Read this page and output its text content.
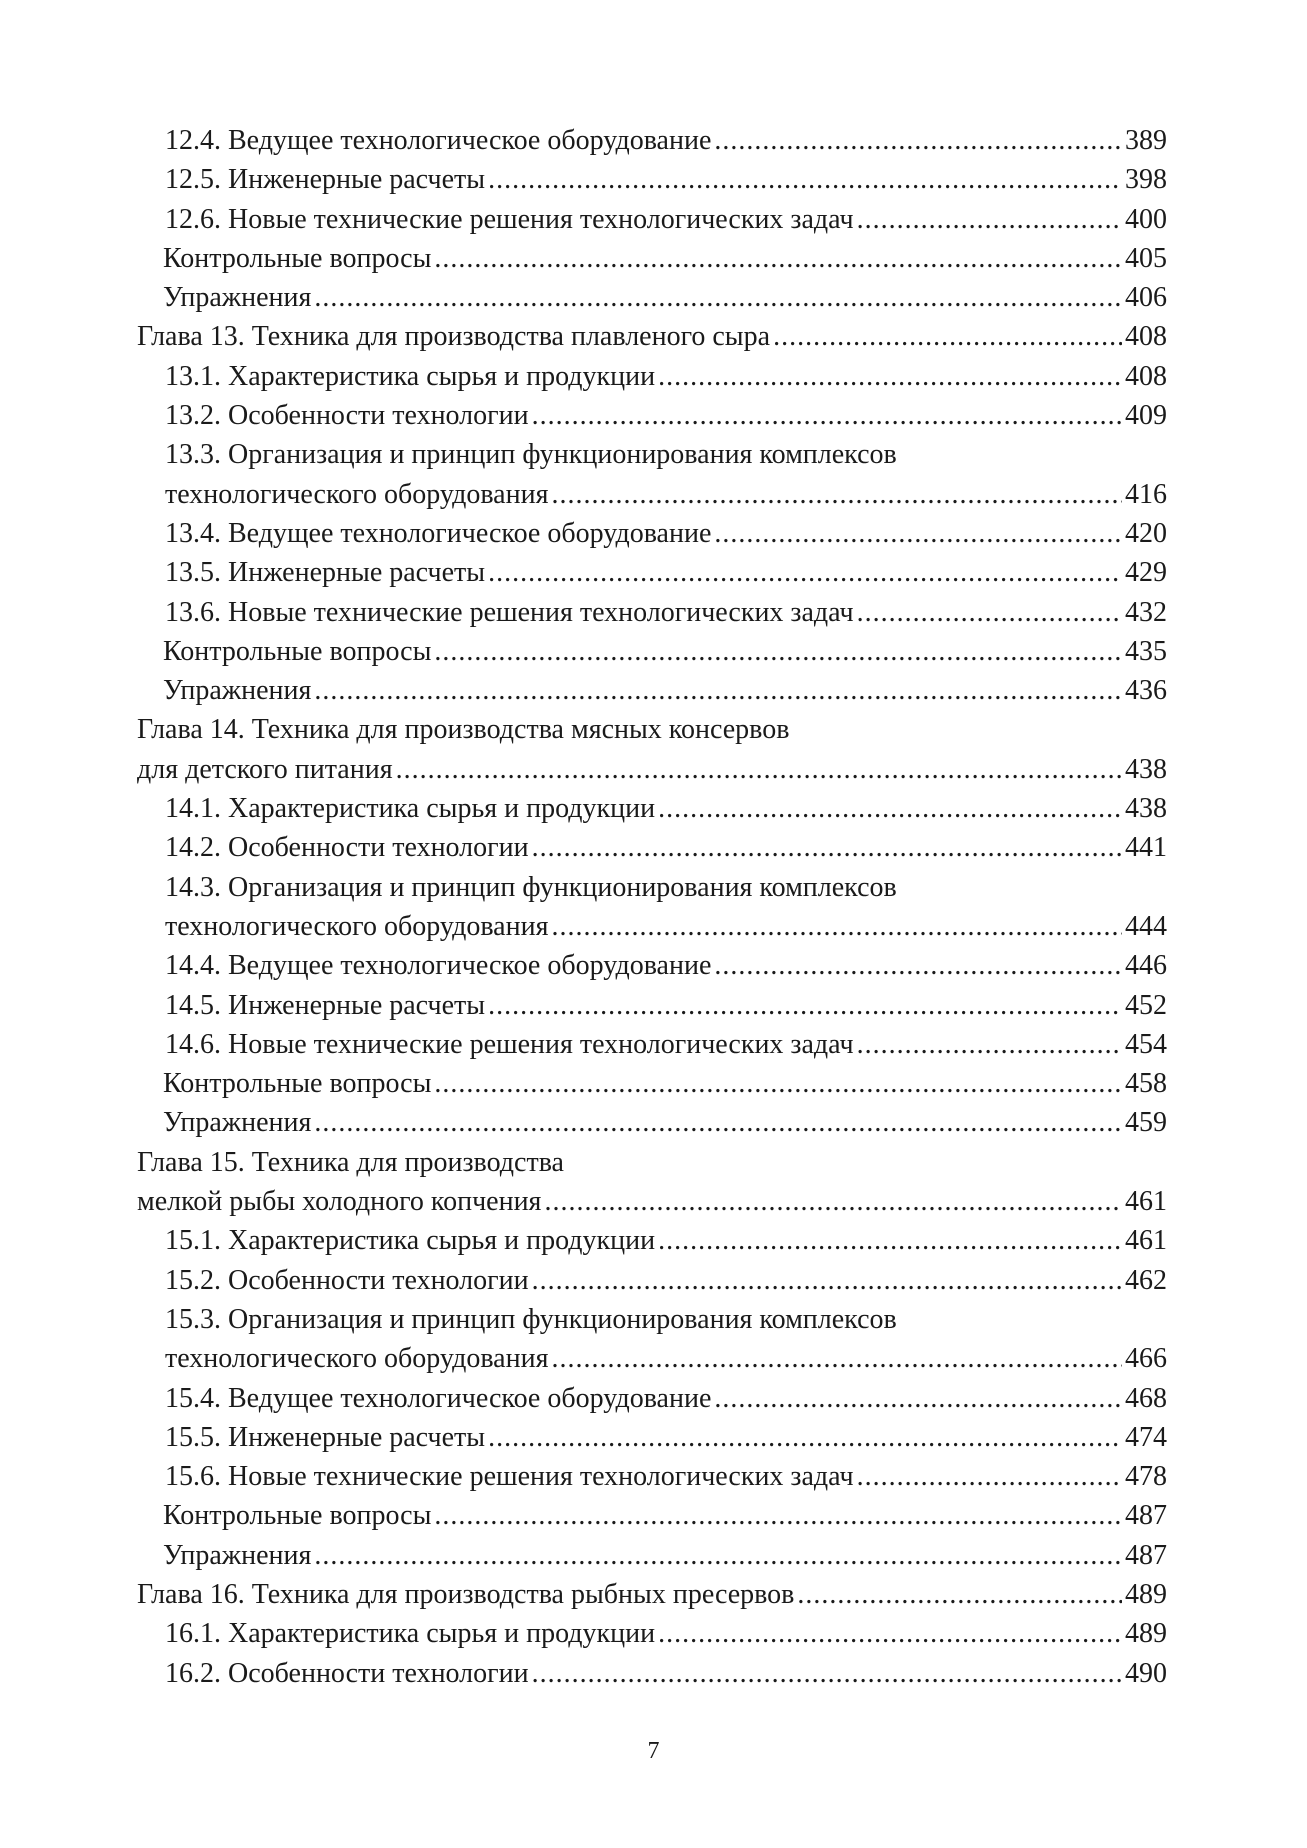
12.4. Ведущее технологическое оборудование .....	389
12.5. Инженерные расчеты .....	398
12.6. Новые технические решения технологических задач .....	400
Контрольные вопросы .....	405
Упражнения .....	406
Глава 13. Техника для производства плавленого сыра .....	408
13.1. Характеристика сырья и продукции .....	408
13.2. Особенности технологии .....	409
13.3. Организация и принцип функционирования комплексов
технологического оборудования .....	416
13.4. Ведущее технологическое оборудование .....	420
13.5. Инженерные расчеты .....	429
13.6. Новые технические решения технологических задач .....	432
Контрольные вопросы .....	435
Упражнения .....	436
Глава 14. Техника для производства мясных консервов
для детского питания .....	438
14.1. Характеристика сырья и продукции .....	438
14.2. Особенности технологии .....	441
14.3. Организация и принцип функционирования комплексов
технологического оборудования .....	444
14.4. Ведущее технологическое оборудование .....	446
14.5. Инженерные расчеты .....	452
14.6. Новые технические решения технологических задач .....	454
Контрольные вопросы .....	458
Упражнения .....	459
Глава 15. Техника для производства
мелкой рыбы холодного копчения .....	461
15.1. Характеристика сырья и продукции .....	461
15.2. Особенности технологии .....	462
15.3. Организация и принцип функционирования комплексов
технологического оборудования .....	466
15.4. Ведущее технологическое оборудование .....	468
15.5. Инженерные расчеты .....	474
15.6. Новые технические решения технологических задач .....	478
Контрольные вопросы .....	487
Упражнения .....	487
Глава 16. Техника для производства рыбных пресервов .....	489
16.1. Характеристика сырья и продукции .....	489
16.2. Особенности технологии .....	490
7
